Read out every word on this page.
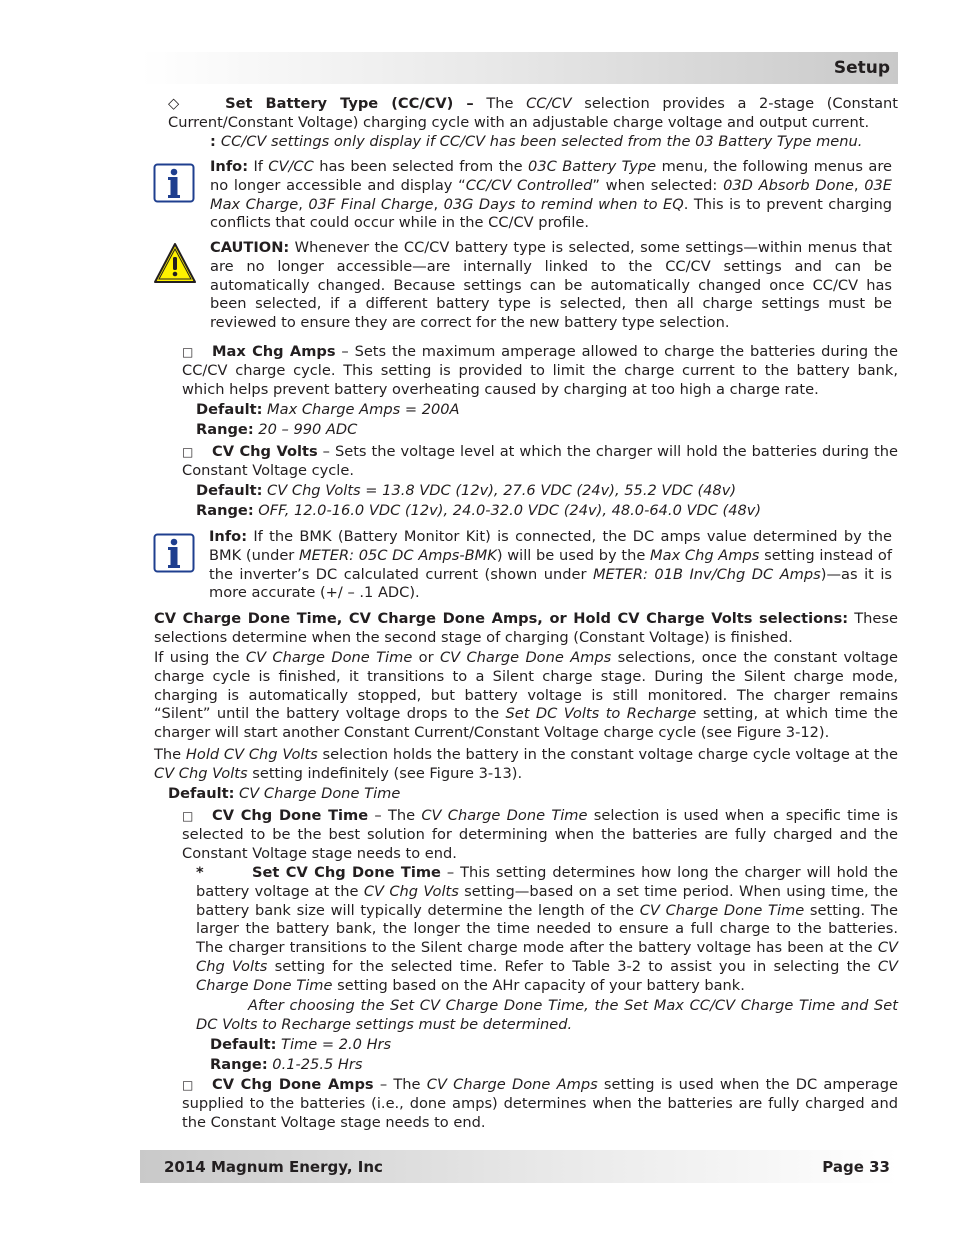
Setup

◇	Set Battery Type (CC/CV) – The CC/CV selection provides a 2-stage (Constant Current/Constant Voltage) charging cycle with an adjustable charge voltage and output current.

: CC/CV settings only display if CC/CV has been selected from the 03 Battery Type menu.

Info: If CV/CC has been selected from the 03C Battery Type menu, the following menus are no longer accessible and display “CC/CV Controlled” when selected: 03D Absorb Done, 03E Max Charge, 03F Final Charge, 03G Days to remind when to EQ. This is to prevent charging conflicts that could occur while in the CC/CV profile.

CAUTION: Whenever the CC/CV battery type is selected, some settings—within menus that are no longer accessible—are internally linked to the CC/CV settings and can be automatically changed. Because settings can be automatically changed once CC/CV has been selected, if a different battery type is selected, then all charge settings must be reviewed to ensure they are correct for the new battery type selection.

□ Max Chg Amps – Sets the maximum amperage allowed to charge the batteries during the CC/CV charge cycle. This setting is provided to limit the charge current to the battery bank, which helps prevent battery overheating caused by charging at too high a charge rate.

Default: Max Charge Amps = 200A

Range: 20 – 990 ADC

□ CV Chg Volts – Sets the voltage level at which the charger will hold the batteries during the Constant Voltage cycle.

Default: CV Chg Volts = 13.8 VDC (12v), 27.6 VDC (24v), 55.2 VDC (48v)

Range: OFF, 12.0-16.0 VDC (12v), 24.0-32.0 VDC (24v), 48.0-64.0 VDC (48v)

Info: If the BMK (Battery Monitor Kit) is connected, the DC amps value determined by the BMK (under METER: 05C DC Amps-BMK) will be used by the Max Chg Amps setting instead of the inverter’s DC calculated current (shown under METER: 01B Inv/Chg DC Amps)—as it is more accurate (+/ – .1 ADC).

CV Charge Done Time, CV Charge Done Amps, or Hold CV Charge Volts selections: These selections determine when the second stage of charging (Constant Voltage) is finished.

If using the CV Charge Done Time or CV Charge Done Amps selections, once the constant voltage charge cycle is finished, it transitions to a Silent charge stage. During the Silent charge mode, charging is automatically stopped, but battery voltage is still monitored. The charger remains “Silent” until the battery voltage drops to the Set DC Volts to Recharge setting, at which time the charger will start another Constant Current/Constant Voltage charge cycle (see Figure 3-12).

The Hold CV Chg Volts selection holds the battery in the constant voltage charge cycle voltage at the CV Chg Volts setting indefinitely (see Figure 3-13).

Default: CV Charge Done Time

□ CV Chg Done Time – The CV Charge Done Time selection is used when a specific time is selected to be the best solution for determining when the batteries are fully charged and the Constant Voltage stage needs to end.

*	Set CV Chg Done Time – This setting determines how long the charger will hold the battery voltage at the CV Chg Volts setting—based on a set time period. When using time, the battery bank size will typically determine the length of the CV Charge Done Time setting. The larger the battery bank, the longer the time needed to ensure a full charge to the batteries. The charger transitions to the Silent charge mode after the battery voltage has been at the CV Chg Volts setting for the selected time. Refer to Table 3-2 to assist you in selecting the CV Charge Done Time setting based on the AHr capacity of your battery bank.

After choosing the Set CV Charge Done Time, the Set Max CC/CV Charge Time and Set DC Volts to Recharge settings must be determined.

Default: Time = 2.0 Hrs

Range: 0.1-25.5 Hrs

□ CV Chg Done Amps – The CV Charge Done Amps setting is used when the DC amperage supplied to the batteries (i.e., done amps) determines when the batteries are fully charged and the Constant Voltage stage needs to end.

2014 Magnum Energy, Inc	Page 33
